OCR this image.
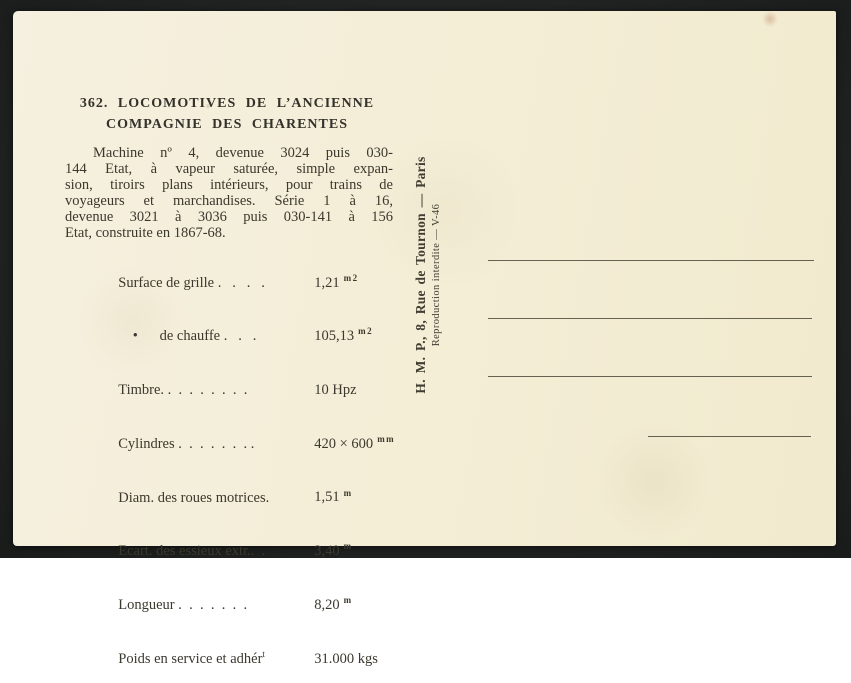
362. LOCOMOTIVES DE L’ANCIENNE
COMPAGNIE DES CHARENTES
Machine nº 4, devenue 3024 puis 030-
144 Etat, à vapeur saturée, simple expan-
sion, tiroirs plans intérieurs, pour trains de
voyageurs et marchandises. Série 1 à 16,
devenue 3021 à 3036 puis 030-141 à 156
Etat, construite en 1867-68.

Surface de grille .   .   .   .	1,21 $^{m2}$

•      de chauffe .   .   .	105,13 $^{m2}$

Timbre. .  .  .  .  .  .  .  .	10 Hpz

Cylindres .  .  .  .  .  .  . .	420 × 600 $^{mm}$

Diam. des roues motrices.	1,51 $^m$

Ecart. des essieux extr..  .	3,40 $^m$

Longueur .  .  .  .  .  .  .	8,20 $^m$

Poids en service et adhér$^t$	31.000 kgs

H. M. P., 8, Rue de Tournon — Paris Reproduction interdite — V-46
